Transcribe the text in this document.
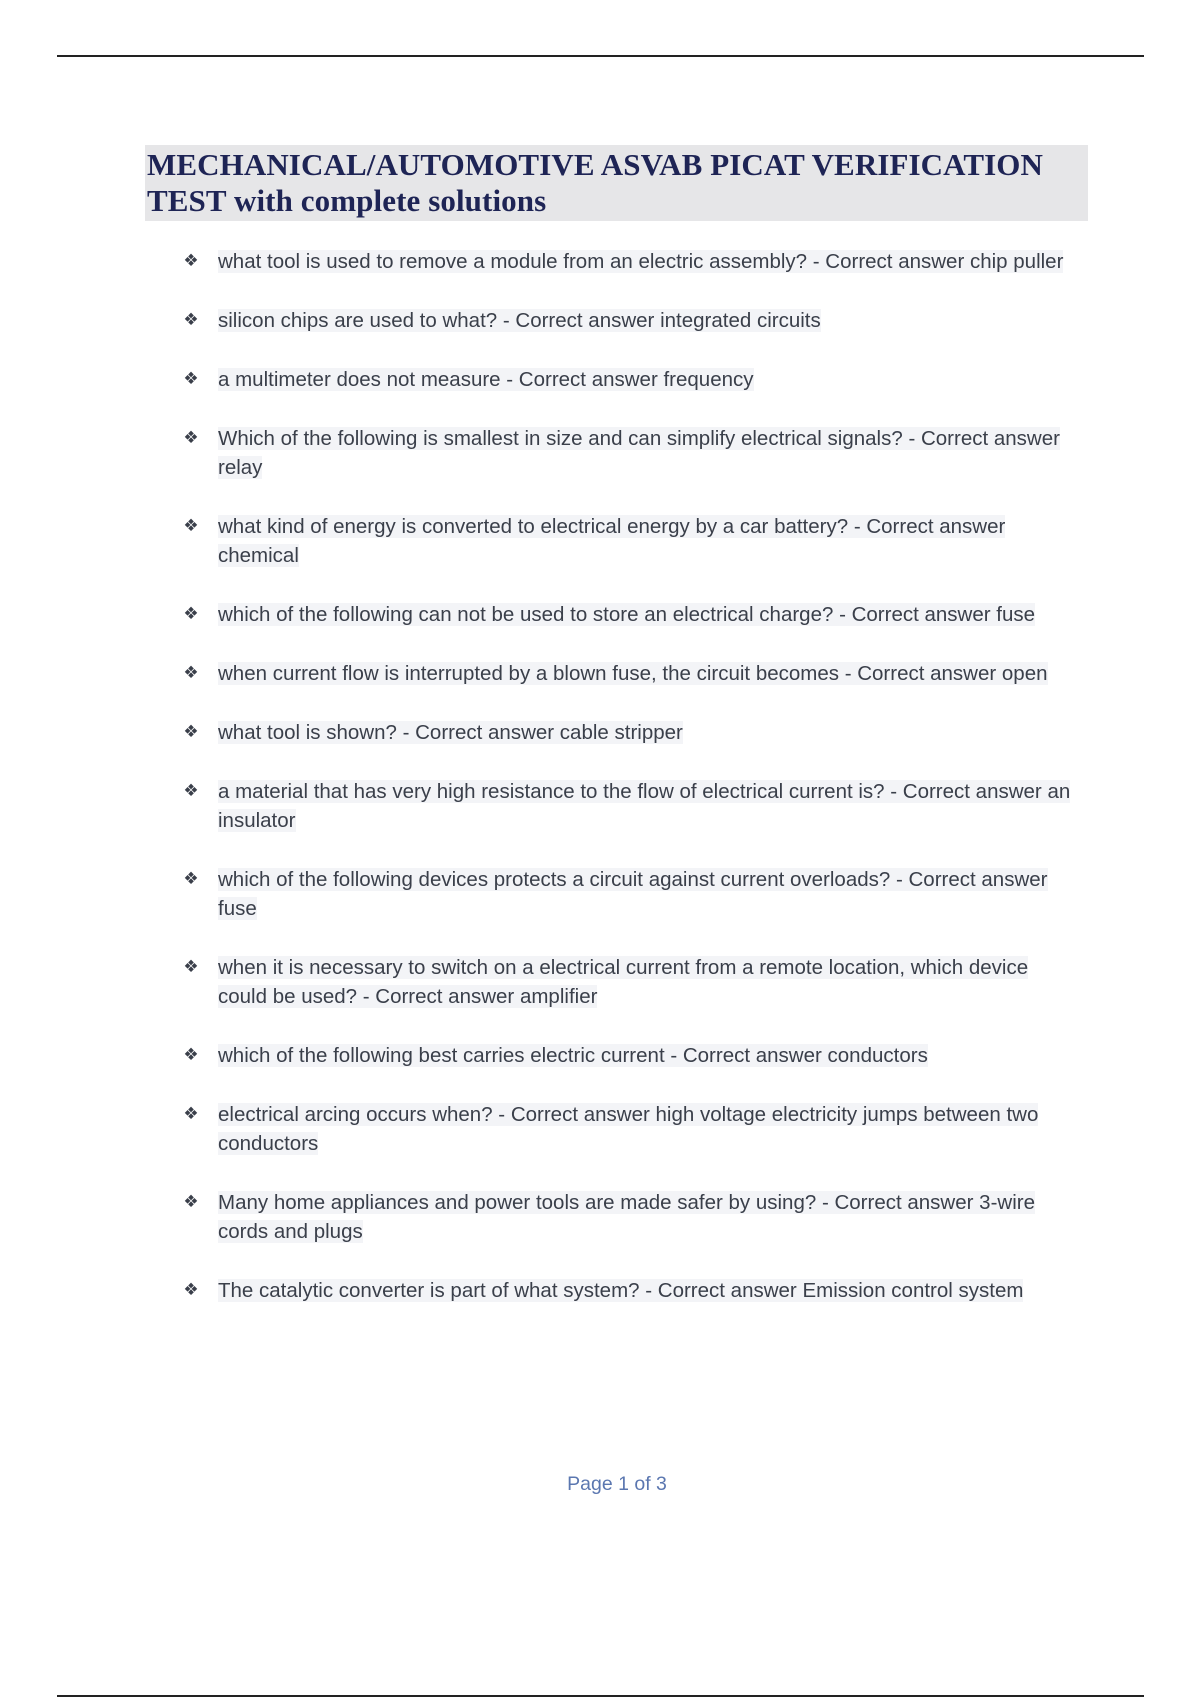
MECHANICAL/AUTOMOTIVE ASVAB PICAT VERIFICATION TEST with complete solutions
❖ what tool is used to remove a module from an electric assembly? - Correct answer chip puller
❖ silicon chips are used to what? - Correct answer integrated circuits
❖ a multimeter does not measure - Correct answer frequency
❖ Which of the following is smallest in size and can simplify electrical signals? - Correct answer relay
❖ what kind of energy is converted to electrical energy by a car battery? - Correct answer chemical
❖ which of the following can not be used to store an electrical charge? - Correct answer fuse
❖ when current flow is interrupted by a blown fuse, the circuit becomes - Correct answer open
❖ what tool is shown? - Correct answer cable stripper
❖ a material that has very high resistance to the flow of electrical current is? - Correct answer an insulator
❖ which of the following devices protects a circuit against current overloads? - Correct answer fuse
❖ when it is necessary to switch on a electrical current from a remote location, which device could be used? - Correct answer amplifier
❖ which of the following best carries electric current - Correct answer conductors
❖ electrical arcing occurs when? - Correct answer high voltage electricity jumps between two conductors
❖ Many home appliances and power tools are made safer by using? - Correct answer 3-wire cords and plugs
❖ The catalytic converter is part of what system? - Correct answer Emission control system
Page 1 of 3
